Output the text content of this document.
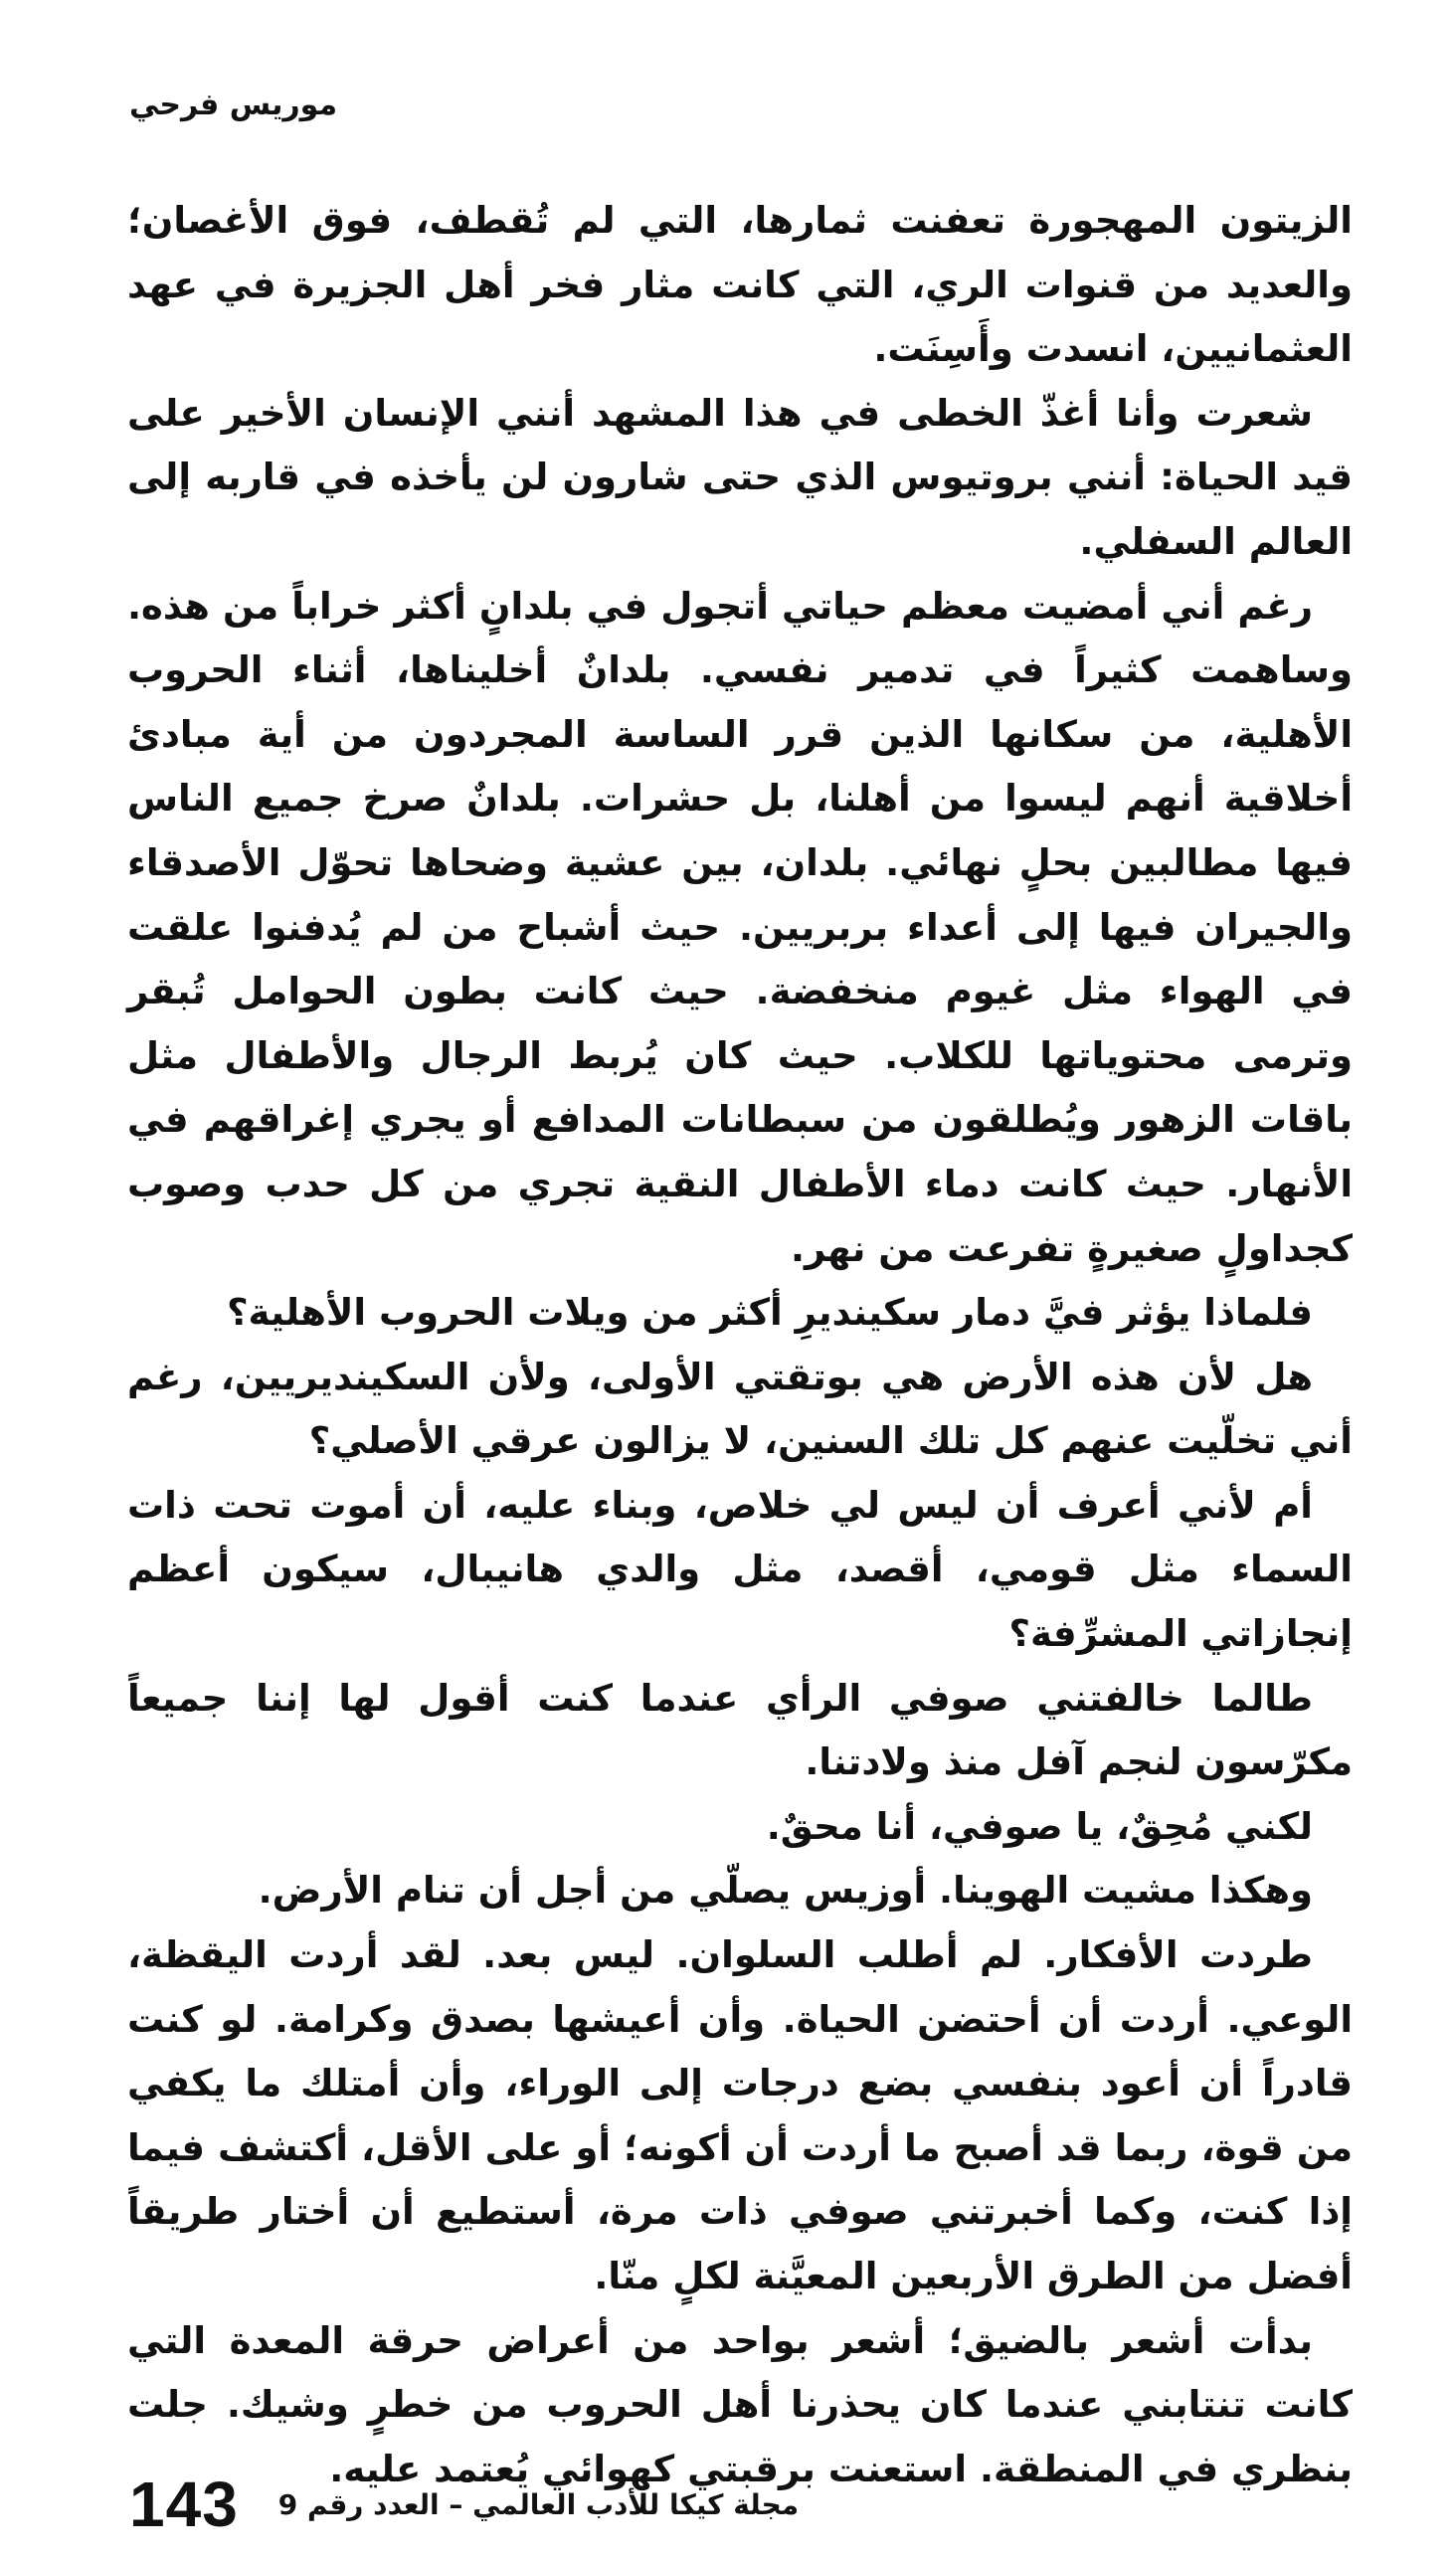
موريس فرحي

الزيتون المهجورة تعفنت ثمارها، التي لم تُقطف، فوق الأغصان؛ والعديد من قنوات الري، التي كانت مثار فخر أهل الجزيرة في عهد العثمانيين، انسدت وأَسِنَت.

شعرت وأنا أغذّ الخطى في هذا المشهد أنني الإنسان الأخير على قيد الحياة: أنني بروتيوس الذي حتى شارون لن يأخذه في قاربه إلى العالم السفلي.

رغم أني أمضيت معظم حياتي أتجول في بلدانٍ أكثر خراباً من هذه. وساهمت كثيراً في تدمير نفسي. بلدانٌ أخليناها، أثناء الحروب الأهلية، من سكانها الذين قرر الساسة المجردون من أية مبادئ أخلاقية أنهم ليسوا من أهلنا، بل حشرات. بلدانٌ صرخ جميع الناس فيها مطالبين بحلٍ نهائي. بلدان، بين عشية وضحاها تحوّل الأصدقاء والجيران فيها إلى أعداء بربريين. حيث أشباح من لم يُدفنوا علقت في الهواء مثل غيوم منخفضة. حيث كانت بطون الحوامل تُبقر وترمى محتوياتها للكلاب. حيث كان يُربط الرجال والأطفال مثل باقات الزهور ويُطلقون من سبطانات المدافع أو يجري إغراقهم في الأنهار. حيث كانت دماء الأطفال النقية تجري من كل حدب وصوب كجداولٍ صغيرةٍ تفرعت من نهر.

فلماذا يؤثر فيَّ دمار سكينديرِ أكثر من ويلات الحروب الأهلية؟

هل لأن هذه الأرض هي بوتقتي الأولى، ولأن السكينديريين، رغم أني تخلّيت عنهم كل تلك السنين، لا يزالون عرقي الأصلي؟

أم لأني أعرف أن ليس لي خلاص، وبناء عليه، أن أموت تحت ذات السماء مثل قومي، أقصد، مثل والدي هانيبال، سيكون أعظم إنجازاتي المشرِّفة؟

طالما خالفتني صوفي الرأي عندما كنت أقول لها إننا جميعاً مكرّسون لنجم آفل منذ ولادتنا.

لكني مُحِقٌ، يا صوفي، أنا محقٌ.

وهكذا مشيت الهوينا. أوزيس يصلّي من أجل أن تنام الأرض.

طردت الأفكار. لم أطلب السلوان. ليس بعد. لقد أردت اليقظة، الوعي. أردت أن أحتضن الحياة. وأن أعيشها بصدق وكرامة. لو كنت قادراً أن أعود بنفسي بضع درجات إلى الوراء، وأن أمتلك ما يكفي من قوة، ربما قد أصبح ما أردت أن أكونه؛ أو على الأقل، أكتشف فيما إذا كنت، وكما أخبرتني صوفي ذات مرة، أستطيع أن أختار طريقاً أفضل من الطرق الأربعين المعيَّنة لكلٍ منّا.

بدأت أشعر بالضيق؛ أشعر بواحد من أعراض حرقة المعدة التي كانت تنتابني عندما كان يحذرنا أهل الحروب من خطرٍ وشيك. جلت بنظري في المنطقة. استعنت برقبتي كهوائي يُعتمد عليه.

143 مجلة كيكا للأدب العالمي – العدد رقم 9
